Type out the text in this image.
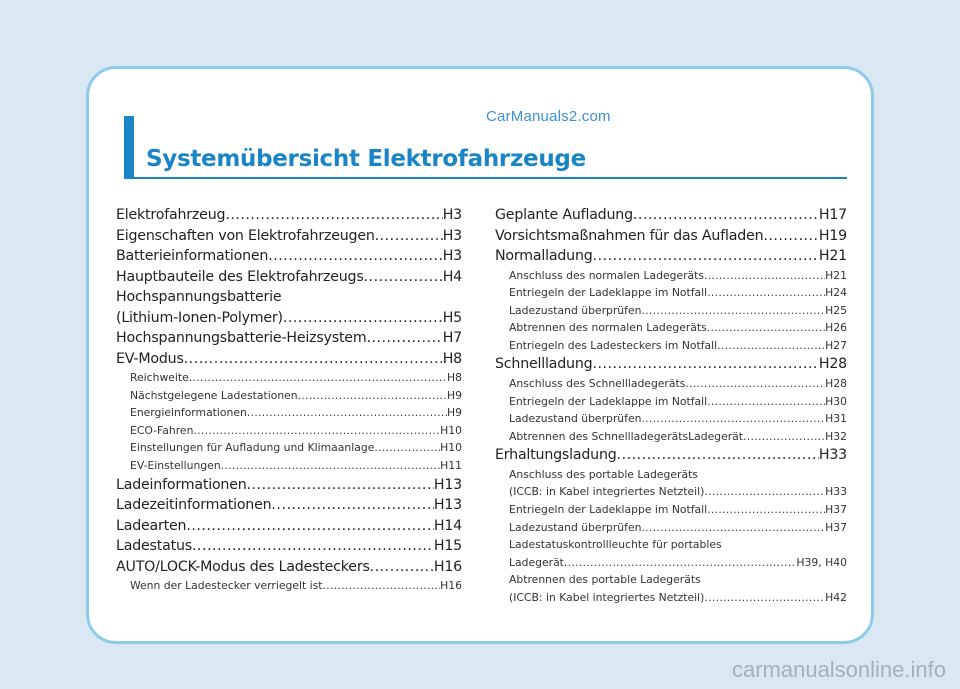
CarManuals2.com
Systemübersicht Elektrofahrzeuge
Elektrofahrzeug .....	H3
Eigenschaften von Elektrofahrzeugen .....	H3
Batterieinformationen .....	H3
Hauptbauteile des Elektrofahrzeugs .....	H4
Hochspannungsbatterie
(Lithium-Ionen-Polymer) .....	H5
Hochspannungsbatterie-Heizsystem .....	H7
EV-Modus .....	H8
Reichweite .....	H8
Nächstgelegene Ladestationen .....	H9
Energieinformationen .....	H9
ECO-Fahren .....	H10
Einstellungen für Aufladung und Klimaanlage .....	H10
EV-Einstellungen .....	H11
Ladeinformationen .....	H13
Ladezeitinformationen .....	H13
Ladearten .....	H14
Ladestatus .....	H15
AUTO/LOCK-Modus des Ladesteckers .....	H16
Wenn der Ladestecker verriegelt ist .....	H16
Geplante Aufladung .....	H17
Vorsichtsmaßnahmen für das Aufladen .....	H19
Normalladung .....	H21
Anschluss des normalen Ladegeräts .....	H21
Entriegeln der Ladeklappe im Notfall .....	H24
Ladezustand überprüfen .....	H25
Abtrennen des normalen Ladegeräts .....	H26
Entriegeln des Ladesteckers im Notfall .....	H27
Schnellladung .....	H28
Anschluss des Schnellladegeräts .....	H28
Entriegeln der Ladeklappe im Notfall .....	H30
Ladezustand überprüfen .....	H31
Abtrennen des SchnellladegerätsLadegerät .....	H32
Erhaltungsladung .....	H33
Anschluss des portable Ladegeräts
(ICCB: in Kabel integriertes Netzteil) .....	H33
Entriegeln der Ladeklappe im Notfall .....	H37
Ladezustand überprüfen .....	H37
Ladestatuskontrollleuchte für portables
Ladegerät .....	H39, H40
Abtrennen des portable Ladegeräts
(ICCB: in Kabel integriertes Netzteil) .....	H42
carmanualsonline.info
